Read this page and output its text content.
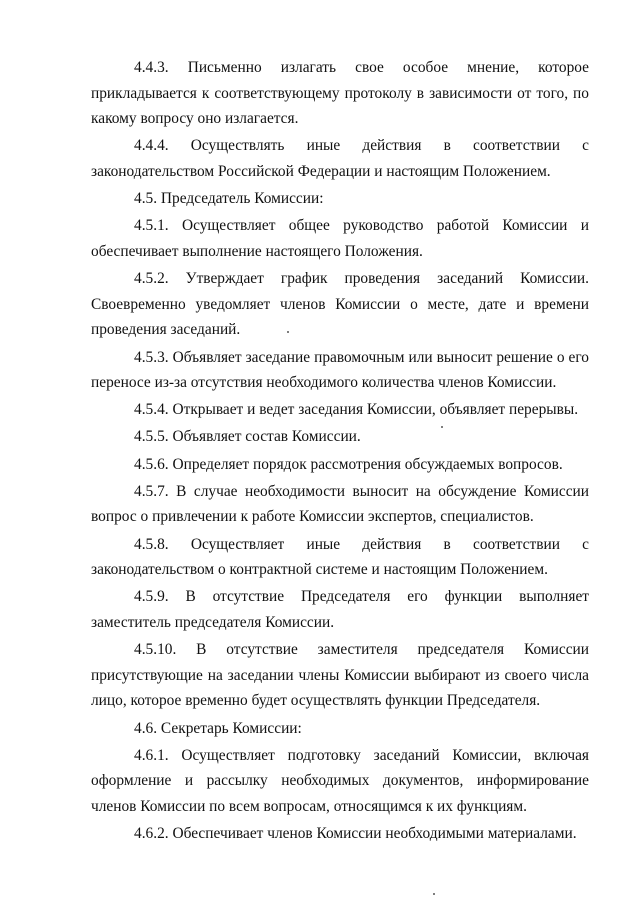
4.4.3. Письменно излагать свое особое мнение, которое прикладывается к соответствующему протоколу в зависимости от того, по какому вопросу оно излагается.

4.4.4. Осуществлять иные действия в соответствии с законодательством Российской Федерации и настоящим Положением.

4.5. Председатель Комиссии:

4.5.1. Осуществляет общее руководство работой Комиссии и обеспечивает выполнение настоящего Положения.

4.5.2. Утверждает график проведения заседаний Комиссии. Своевременно уведомляет членов Комиссии о месте, дате и времени проведения заседаний.

4.5.3. Объявляет заседание правомочным или выносит решение о его переносе из-за отсутствия необходимого количества членов Комиссии.

4.5.4. Открывает и ведет заседания Комиссии, объявляет перерывы.

4.5.5. Объявляет состав Комиссии.

4.5.6. Определяет порядок рассмотрения обсуждаемых вопросов.

4.5.7. В случае необходимости выносит на обсуждение Комиссии вопрос о привлечении к работе Комиссии экспертов, специалистов.

4.5.8. Осуществляет иные действия в соответствии с законодательством о контрактной системе и настоящим Положением.

4.5.9. В отсутствие Председателя его функции выполняет заместитель председателя Комиссии.

4.5.10. В отсутствие заместителя председателя Комиссии присутствующие на заседании члены Комиссии выбирают из своего числа лицо, которое временно будет осуществлять функции Председателя.

4.6. Секретарь Комиссии:

4.6.1. Осуществляет подготовку заседаний Комиссии, включая оформление и рассылку необходимых документов, информирование членов Комиссии по всем вопросам, относящимся к их функциям.

4.6.2. Обеспечивает членов Комиссии необходимыми материалами.
